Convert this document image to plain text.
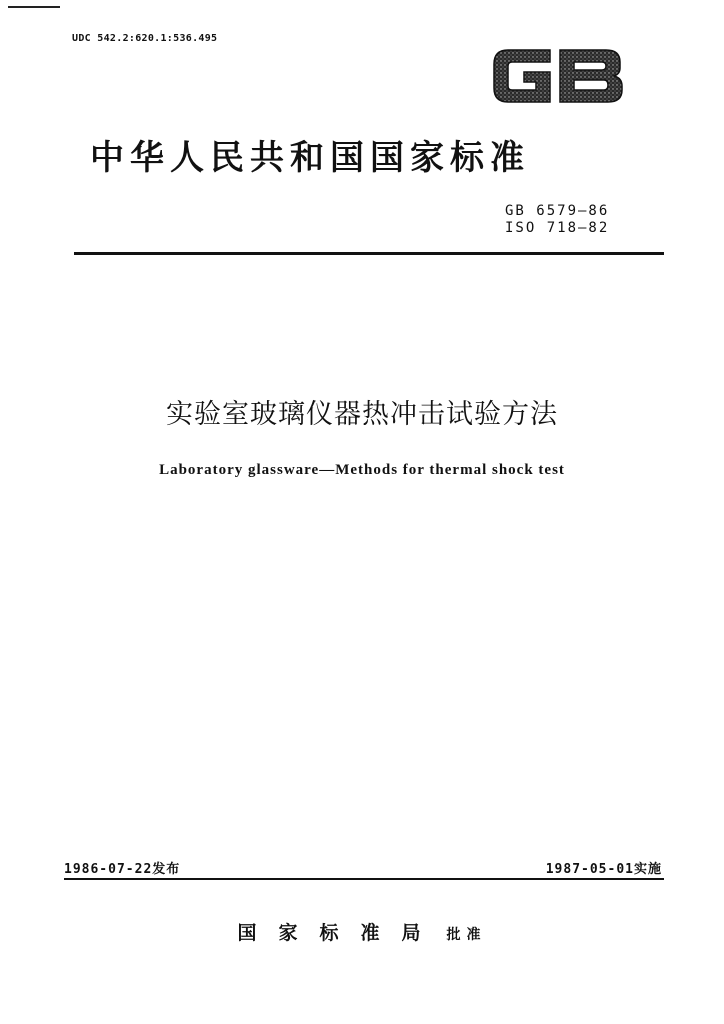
UDC 542.2:620.1:536.495
中华人民共和国国家标准
GB 6579—86
ISO 718—82
实验室玻璃仪器热冲击试验方法
Laboratory glassware—Methods for thermal shock test
1986-07-22发布	1987-05-01实施
国家标准局 批准
